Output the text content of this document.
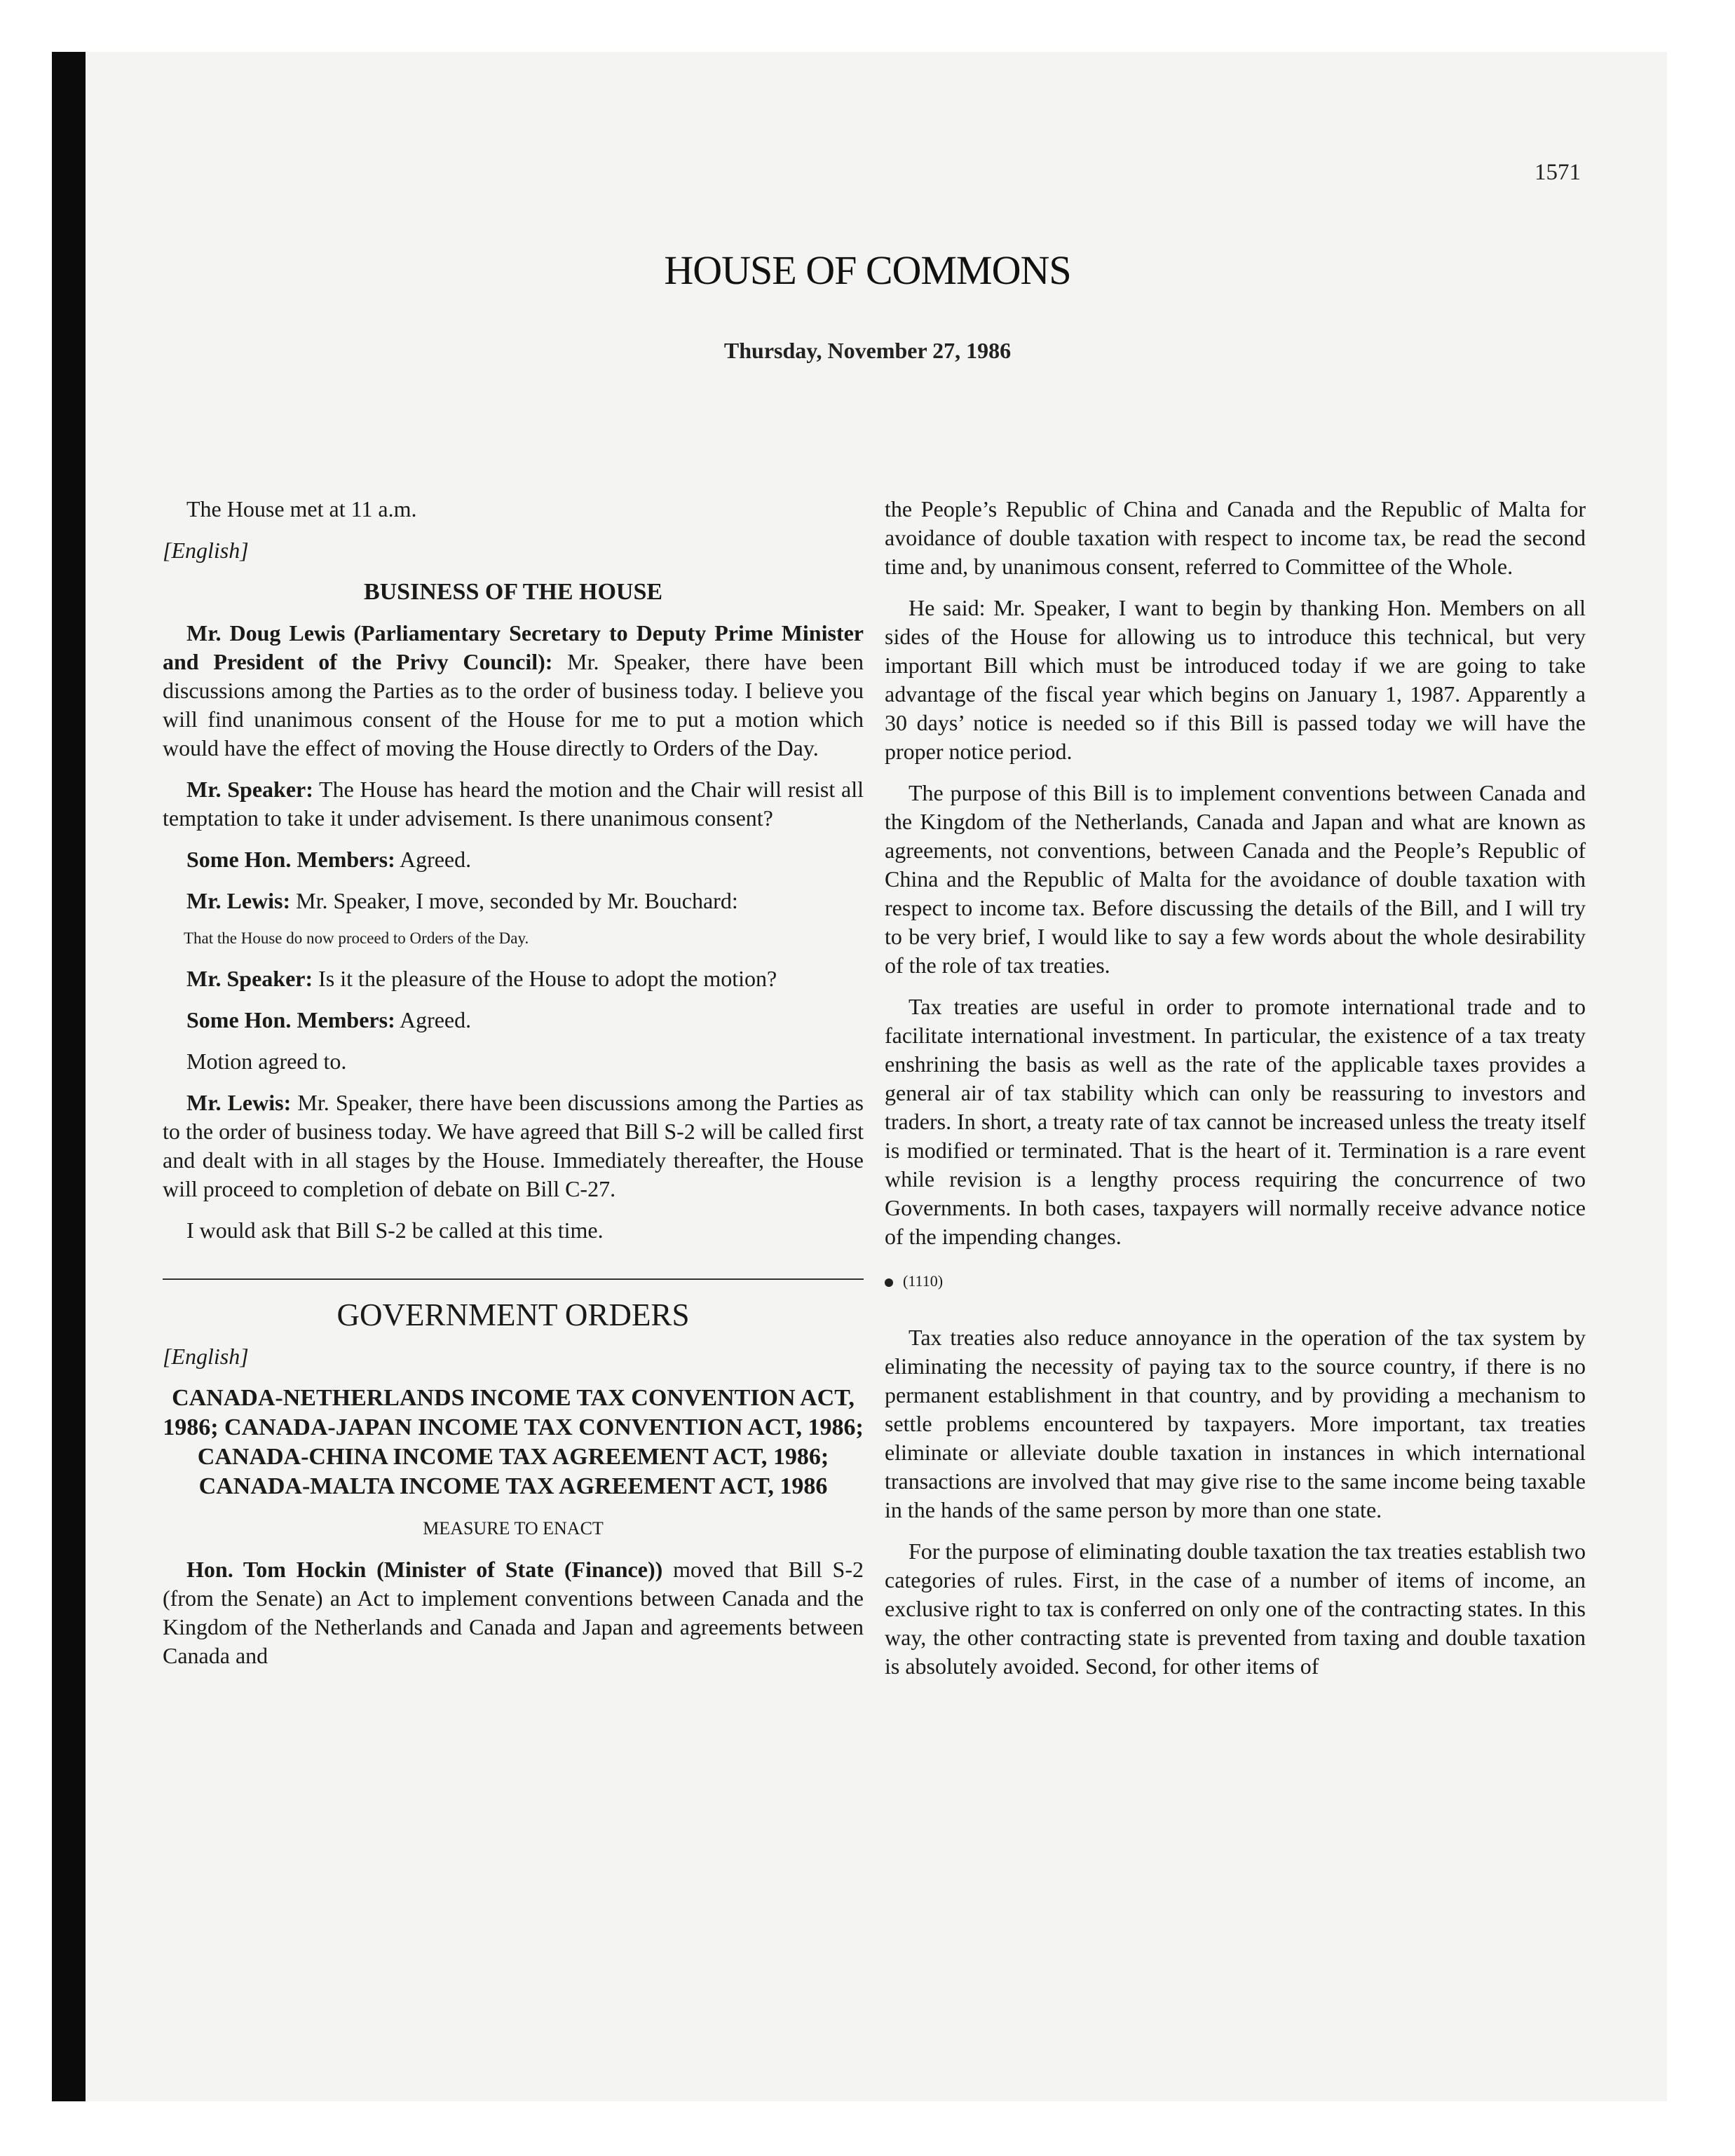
1571
HOUSE OF COMMONS
Thursday, November 27, 1986

The House met at 11 a.m.

[English]

BUSINESS OF THE HOUSE

Mr. Doug Lewis (Parliamentary Secretary to Deputy Prime Minister and President of the Privy Council): Mr. Speaker, there have been discussions among the Parties as to the order of business today. I believe you will find unanimous consent of the House for me to put a motion which would have the effect of moving the House directly to Orders of the Day.

Mr. Speaker: The House has heard the motion and the Chair will resist all temptation to take it under advisement. Is there unanimous consent?

Some Hon. Members: Agreed.

Mr. Lewis: Mr. Speaker, I move, seconded by Mr. Bouchard:

That the House do now proceed to Orders of the Day.

Mr. Speaker: Is it the pleasure of the House to adopt the motion?

Some Hon. Members: Agreed.

Motion agreed to.

Mr. Lewis: Mr. Speaker, there have been discussions among the Parties as to the order of business today. We have agreed that Bill S-2 will be called first and dealt with in all stages by the House. Immediately thereafter, the House will proceed to completion of debate on Bill C-27.

I would ask that Bill S-2 be called at this time.

GOVERNMENT ORDERS

[English]

CANADA-NETHERLANDS INCOME TAX CONVENTION ACT, 1986; CANADA-JAPAN INCOME TAX CONVENTION ACT, 1986; CANADA-CHINA INCOME TAX AGREEMENT ACT, 1986; CANADA-MALTA INCOME TAX AGREEMENT ACT, 1986

MEASURE TO ENACT

Hon. Tom Hockin (Minister of State (Finance)) moved that Bill S-2 (from the Senate) an Act to implement conventions between Canada and the Kingdom of the Netherlands and Canada and Japan and agreements between Canada and

the People’s Republic of China and Canada and the Republic of Malta for avoidance of double taxation with respect to income tax, be read the second time and, by unanimous consent, referred to Committee of the Whole.

He said: Mr. Speaker, I want to begin by thanking Hon. Members on all sides of the House for allowing us to introduce this technical, but very important Bill which must be introduced today if we are going to take advantage of the fiscal year which begins on January 1, 1987. Apparently a 30 days’ notice is needed so if this Bill is passed today we will have the proper notice period.

The purpose of this Bill is to implement conventions between Canada and the Kingdom of the Netherlands, Canada and Japan and what are known as agreements, not conventions, between Canada and the People’s Republic of China and the Republic of Malta for the avoidance of double taxation with respect to income tax. Before discussing the details of the Bill, and I will try to be very brief, I would like to say a few words about the whole desirability of the role of tax treaties.

Tax treaties are useful in order to promote international trade and to facilitate international investment. In particular, the existence of a tax treaty enshrining the basis as well as the rate of the applicable taxes provides a general air of tax stability which can only be reassuring to investors and traders. In short, a treaty rate of tax cannot be increased unless the treaty itself is modified or terminated. That is the heart of it. Termination is a rare event while revision is a lengthy process requiring the concurrence of two Governments. In both cases, taxpayers will normally receive advance notice of the impending changes.

(1110)

Tax treaties also reduce annoyance in the operation of the tax system by eliminating the necessity of paying tax to the source country, if there is no permanent establishment in that country, and by providing a mechanism to settle problems encountered by taxpayers. More important, tax treaties eliminate or alleviate double taxation in instances in which international transactions are involved that may give rise to the same income being taxable in the hands of the same person by more than one state.

For the purpose of eliminating double taxation the tax treaties establish two categories of rules. First, in the case of a number of items of income, an exclusive right to tax is conferred on only one of the contracting states. In this way, the other contracting state is prevented from taxing and double taxation is absolutely avoided. Second, for other items of
